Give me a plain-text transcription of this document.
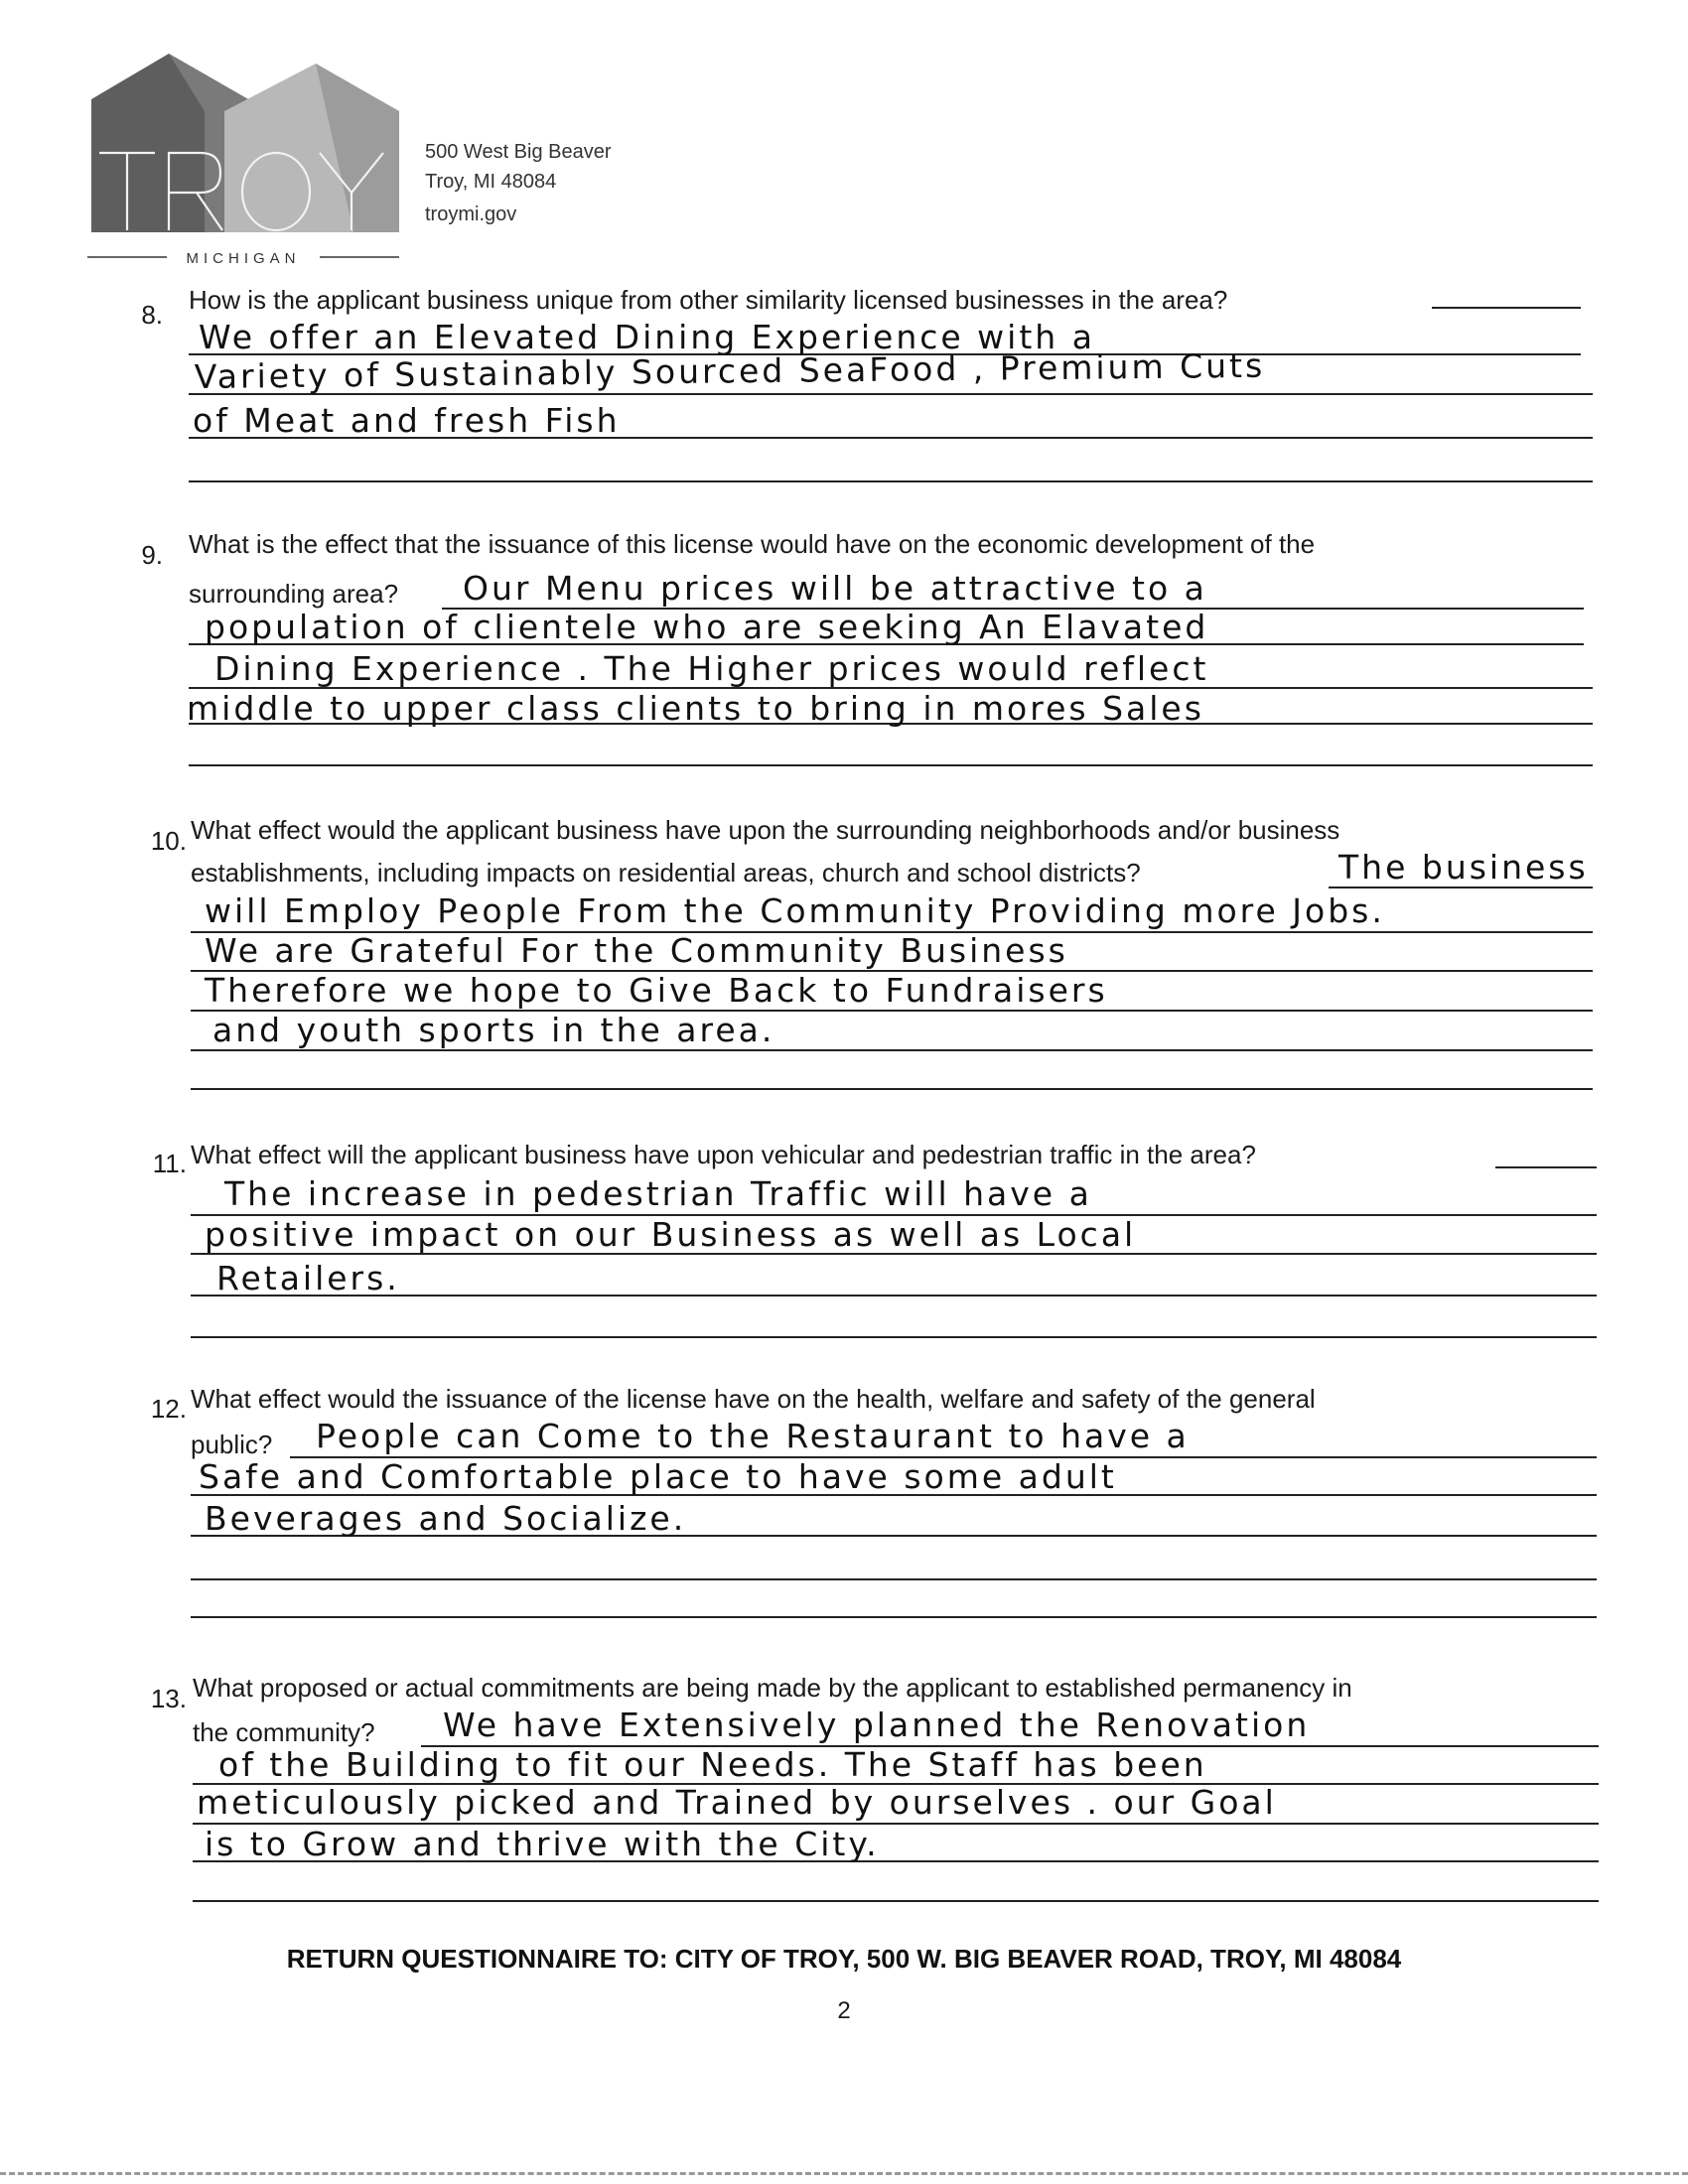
MICHIGAN
500 West Big Beaver
Troy, MI 48084
troymi.gov
8. How is the applicant business unique from other similarity licensed businesses in the area?
We offer an Elevated Dining Experience with a
Variety of Sustainably Sourced SeaFood , Premium Cuts
of Meat and fresh Fish
9. What is the effect that the issuance of this license would have on the economic development of the
surrounding area? Our Menu prices will be attractive to a
population of clientele who are seeking An Elavated
Dining Experience . The Higher prices would reflect
middle to upper class clients to bring in mores Sales
10. What effect would the applicant business have upon the surrounding neighborhoods and/or business
establishments, including impacts on residential areas, church and school districts?	The business
will Employ People From the Community Providing more Jobs.
We are Grateful For the Community Business
Therefore we hope to Give Back to Fundraisers
and youth sports in the area.
11. What effect will the applicant business have upon vehicular and pedestrian traffic in the area?
The increase in pedestrian Traffic will have a
positive impact on our Business as well as Local
Retailers.
12. What effect would the issuance of the license have on the health, welfare and safety of the general
public? People can Come to the Restaurant to have a
Safe and Comfortable place to have some adult
Beverages and Socialize.
13. What proposed or actual commitments are being made by the applicant to established permanency in
the community? We have Extensively planned the Renovation
of the Building to fit our Needs. The Staff has been
meticulously picked and Trained by ourselves . our Goal
is to Grow and thrive with the City.
RETURN QUESTIONNAIRE TO: CITY OF TROY, 500 W. BIG BEAVER ROAD, TROY, MI 48084
2
